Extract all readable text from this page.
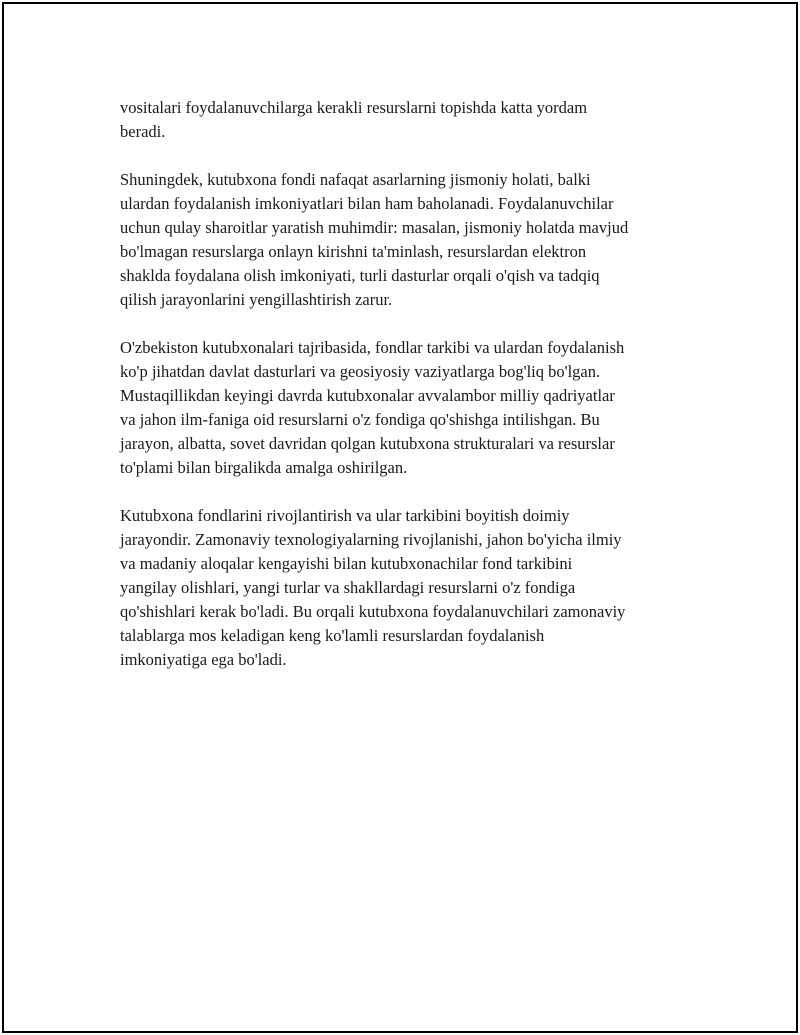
vositalari foydalanuvchilarga kerakli resurslarni topishda katta yordam
beradi.

Shuningdek, kutubxona fondi nafaqat asarlarning jismoniy holati, balki
ulardan foydalanish imkoniyatlari bilan ham baholanadi. Foydalanuvchilar
uchun qulay sharoitlar yaratish muhimdir: masalan, jismoniy holatda mavjud
bo'lmagan resurslarga onlayn kirishni ta'minlash, resurslardan elektron
shaklda foydalana olish imkoniyati, turli dasturlar orqali o'qish va tadqiq
qilish jarayonlarini yengillashtirish zarur.

O'zbekiston kutubxonalari tajribasida, fondlar tarkibi va ulardan foydalanish
ko'p jihatdan davlat dasturlari va geosiyosiy vaziyatlarga bog'liq bo'lgan.
Mustaqillikdan keyingi davrda kutubxonalar avvalambor milliy qadriyatlar
va jahon ilm-faniga oid resurslarni o'z fondiga qo'shishga intilishgan. Bu
jarayon, albatta, sovet davridan qolgan kutubxona strukturalari va resurslar
to'plami bilan birgalikda amalga oshirilgan.

Kutubxona fondlarini rivojlantirish va ular tarkibini boyitish doimiy
jarayondir. Zamonaviy texnologiyalarning rivojlanishi, jahon bo'yicha ilmiy
va madaniy aloqalar kengayishi bilan kutubxonachilar fond tarkibini
yangilay olishlari, yangi turlar va shakllardagi resurslarni o'z fondiga
qo'shishlari kerak bo'ladi. Bu orqali kutubxona foydalanuvchilari zamonaviy
talablarga mos keladigan keng ko'lamli resurslardan foydalanish
imkoniyatiga ega bo'ladi.
